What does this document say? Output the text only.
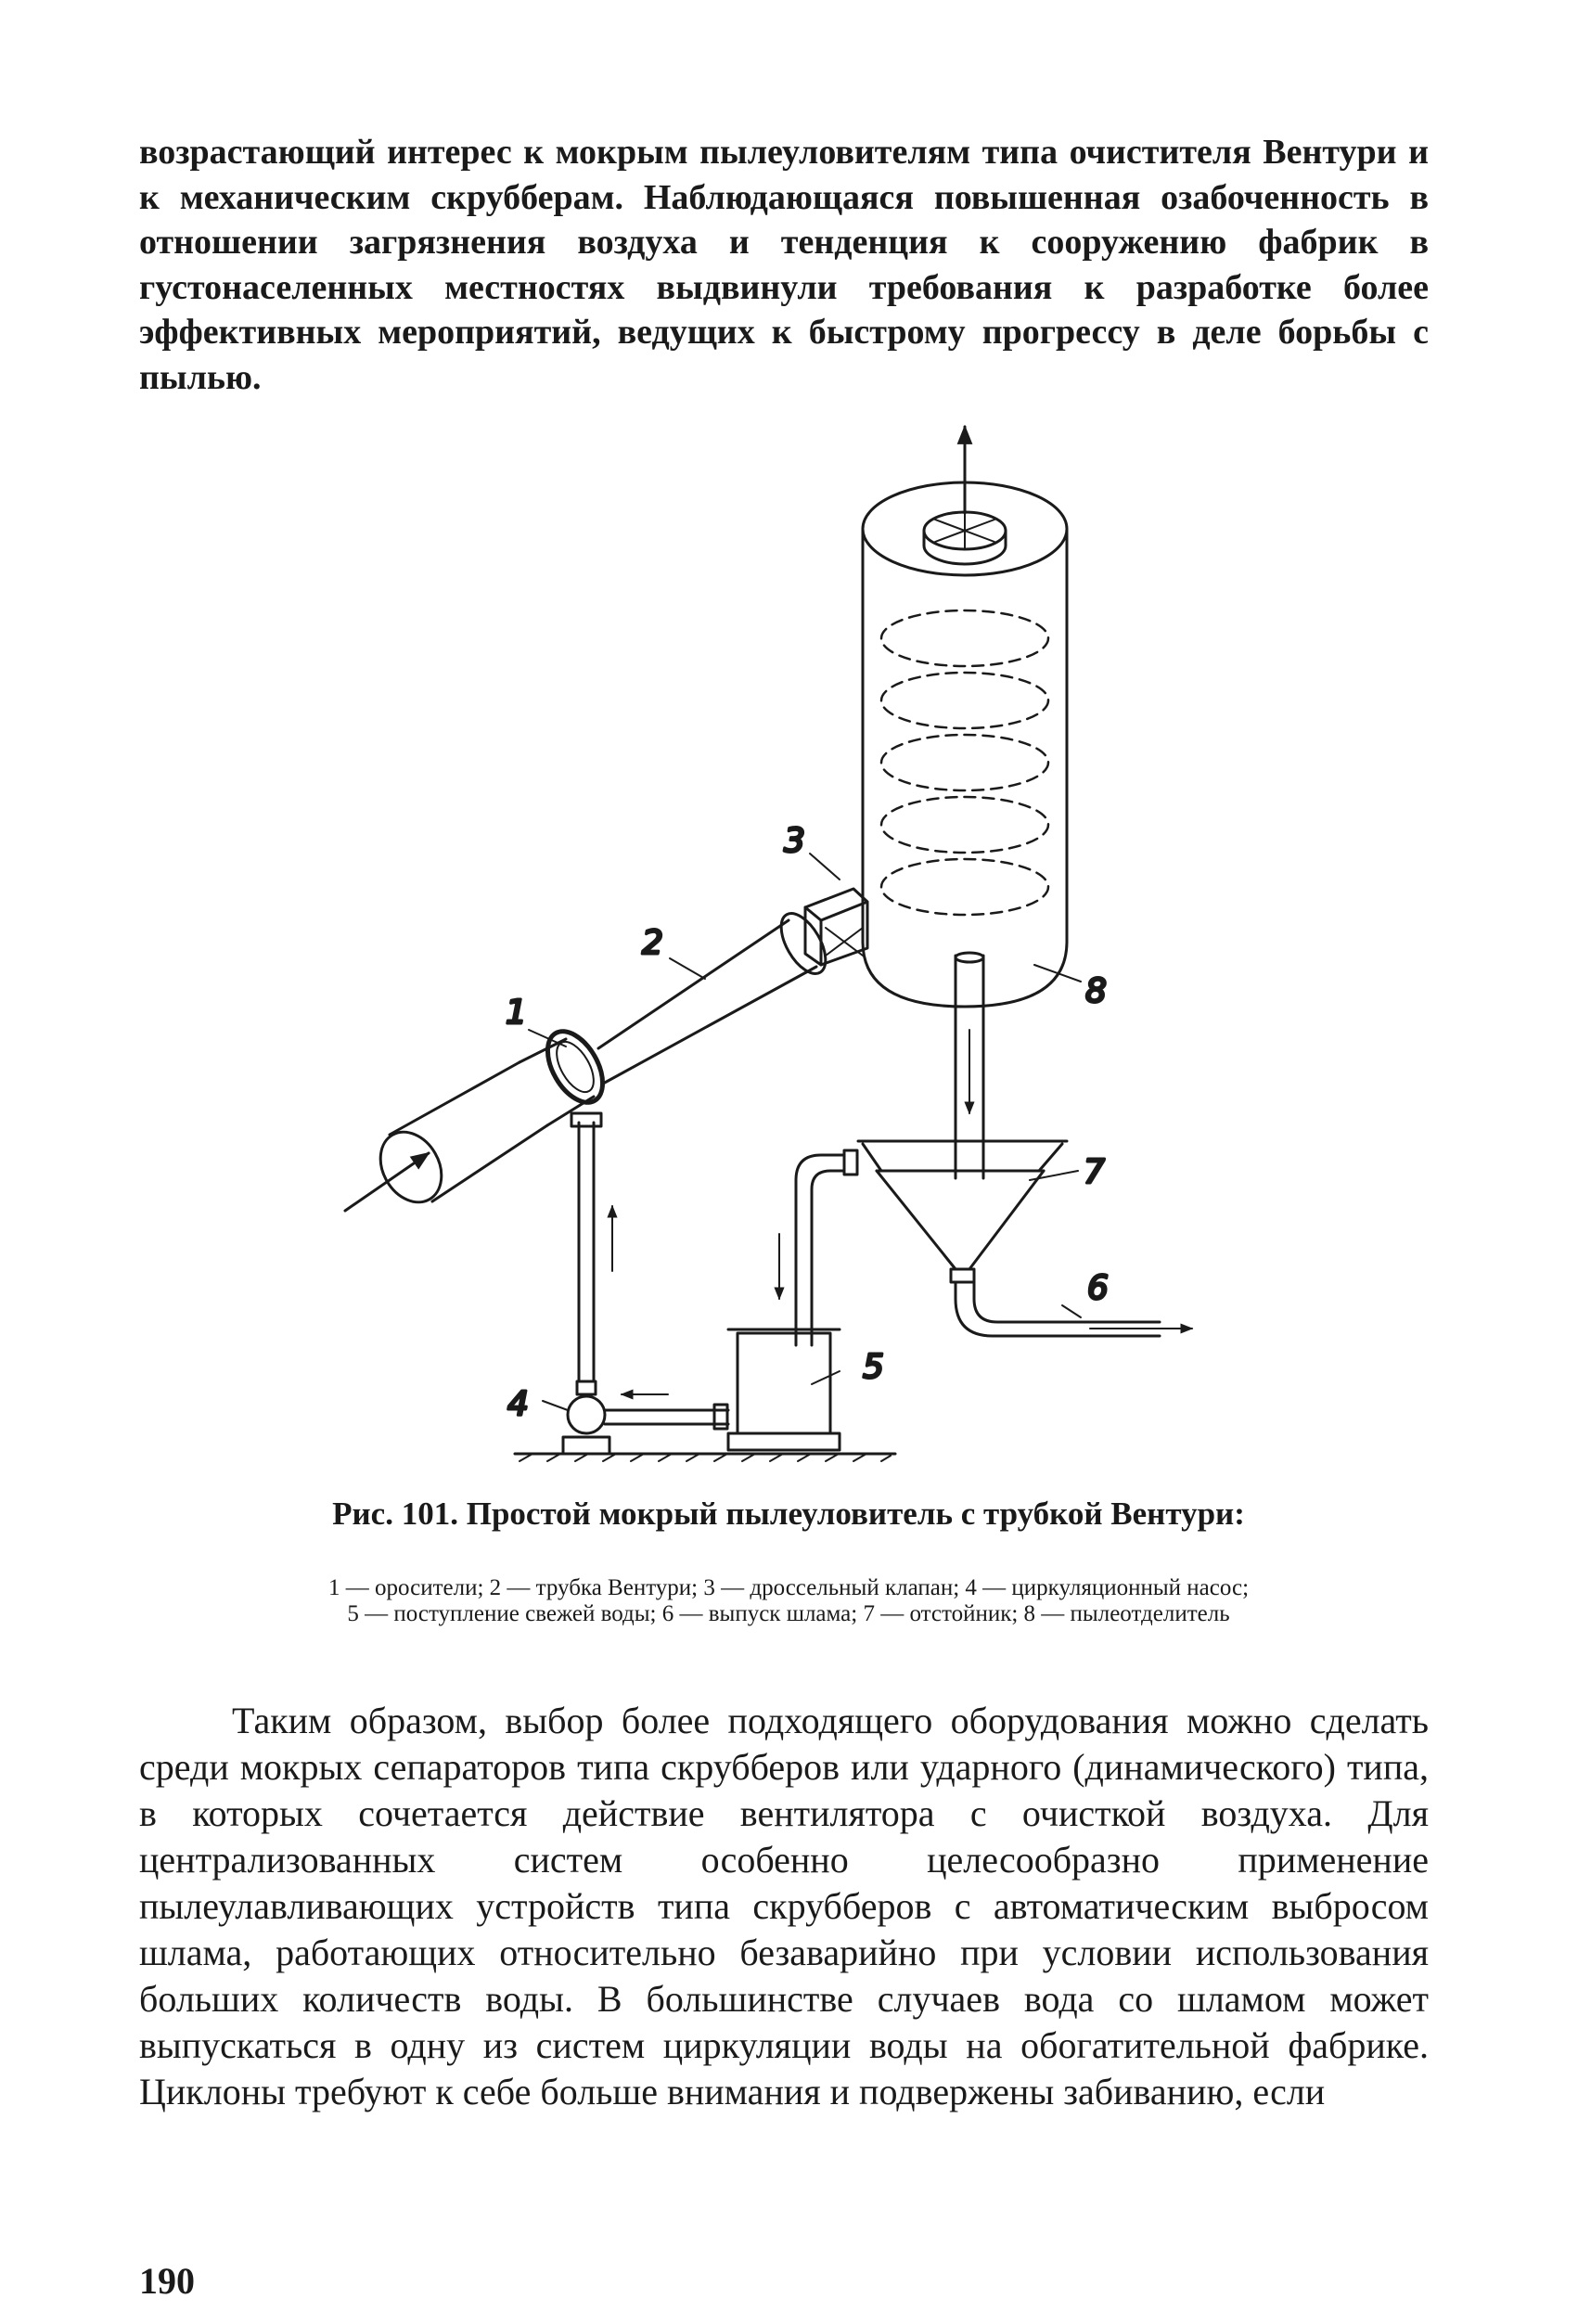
возрастающий интерес к мокрым пылеуловителям типа очистителя Вентури и к механическим скрубберам. Наблюдающаяся повышенная озабоченность в отношении загрязнения воздуха и тенденция к сооружению фабрик в густонаселенных местностях выдвинули требования к разработке более эффективных мероприятий, ведущих к быстрому прогрессу в деле борьбы с пылью.

1
2
3
4
5
6
7
8

Рис. 101. Простой мокрый пылеуловитель с трубкой Вентури:

1 — оросители; 2 — трубка Вентури; 3 — дроссельный клапан; 4 — циркуляционный насос; 5 — поступление свежей воды; 6 — выпуск шлама; 7 — отстойник; 8 — пылеотделитель

Таким образом, выбор более подходящего оборудования можно сделать среди мокрых сепараторов типа скрубберов или ударного (динамического) типа, в которых сочетается действие вентилятора с очисткой воздуха. Для централизованных систем особенно целесообразно применение пылеулавливающих устройств типа скрубберов с автоматическим выбросом шлама, работающих относительно безаварийно при условии использования больших количеств воды. В большинстве случаев вода со шламом может выпускаться в одну из систем циркуляции воды на обогатительной фабрике. Циклоны требуют к себе больше внимания и подвержены забиванию, если

190
